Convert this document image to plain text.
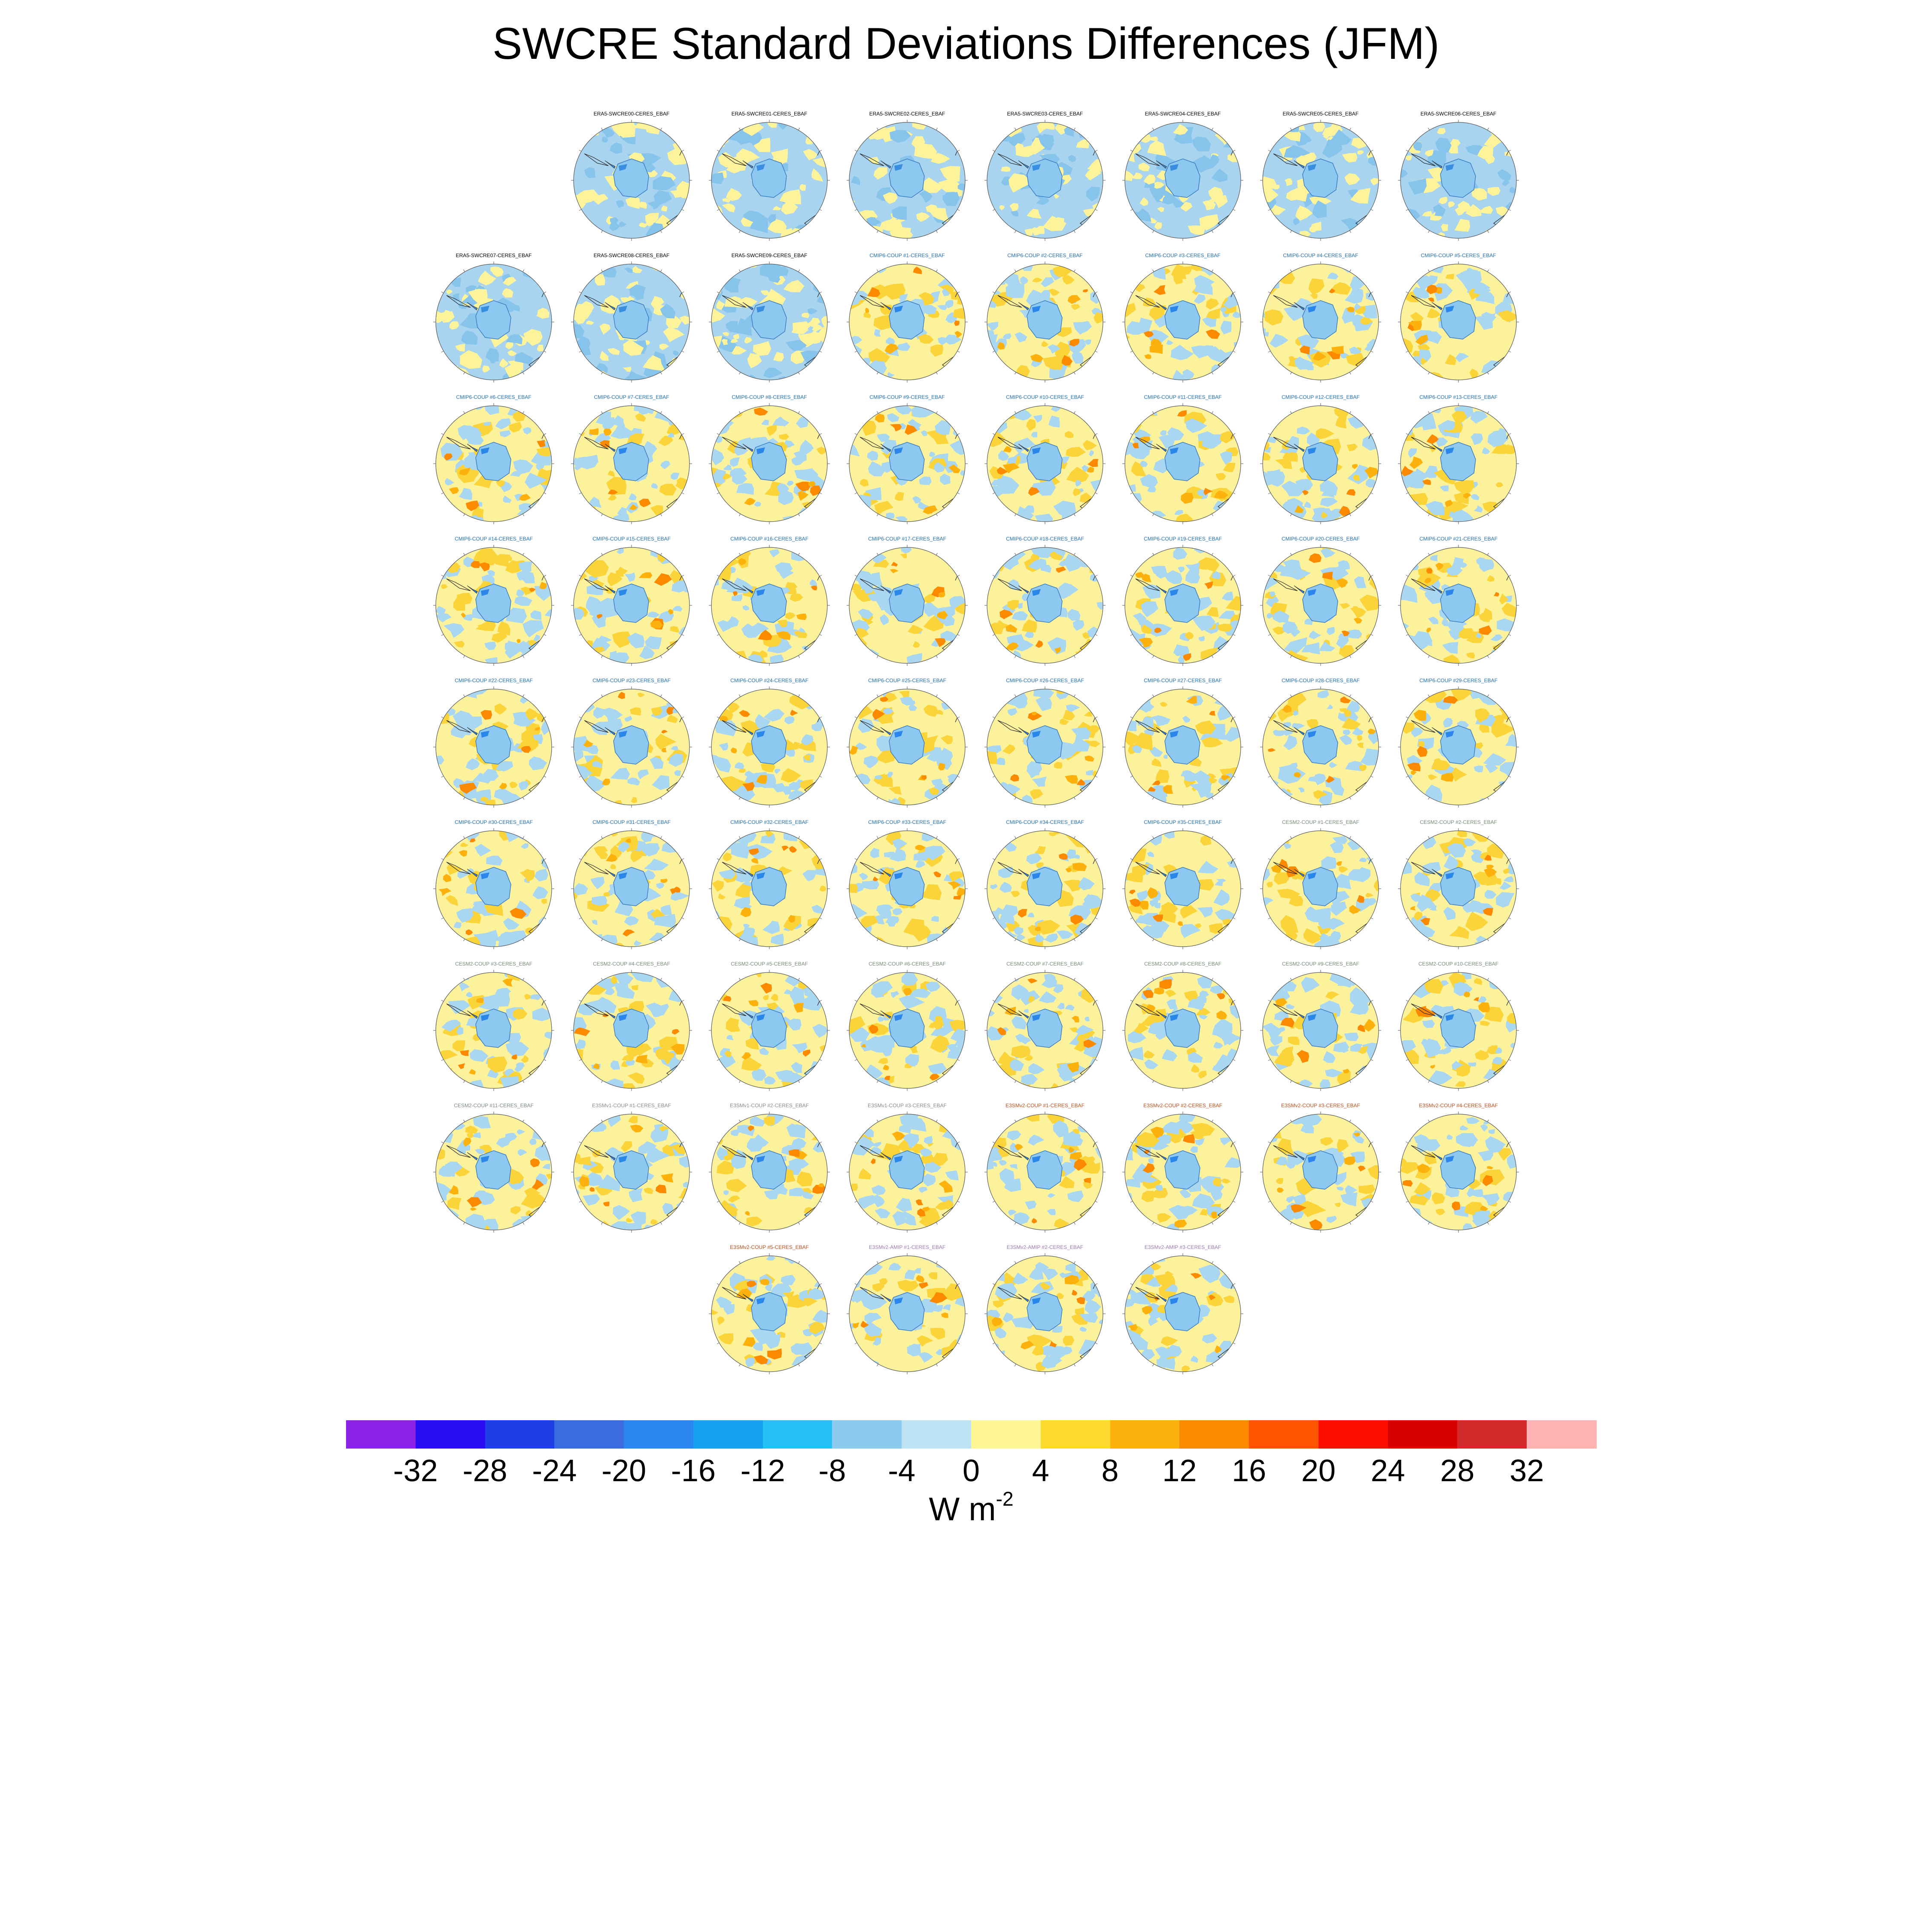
SWCRE Standard Deviations Differences (JFM)
ERA5-SWCRE00-CERES_EBAF	ERA5-SWCRE01-CERES_EBAF	ERA5-SWCRE02-CERES_EBAF	ERA5-SWCRE03-CERES_EBAF	ERA5-SWCRE04-CERES_EBAF	ERA5-SWCRE05-CERES_EBAF	ERA5-SWCRE06-CERES_EBAF
ERA5-SWCRE07-CERES_EBAF	ERA5-SWCRE08-CERES_EBAF	ERA5-SWCRE09-CERES_EBAF	CMIP6-COUP #1-CERES_EBAF	CMIP6-COUP #2-CERES_EBAF	CMIP6-COUP #3-CERES_EBAF	CMIP6-COUP #4-CERES_EBAF	CMIP6-COUP #5-CERES_EBAF
CMIP6-COUP #6-CERES_EBAF	CMIP6-COUP #7-CERES_EBAF	CMIP6-COUP #8-CERES_EBAF	CMIP6-COUP #9-CERES_EBAF	CMIP6-COUP #10-CERES_EBAF	CMIP6-COUP #11-CERES_EBAF	CMIP6-COUP #12-CERES_EBAF	CMIP6-COUP #13-CERES_EBAF
CMIP6-COUP #14-CERES_EBAF	CMIP6-COUP #15-CERES_EBAF	CMIP6-COUP #16-CERES_EBAF	CMIP6-COUP #17-CERES_EBAF	CMIP6-COUP #18-CERES_EBAF	CMIP6-COUP #19-CERES_EBAF	CMIP6-COUP #20-CERES_EBAF	CMIP6-COUP #21-CERES_EBAF
CMIP6-COUP #22-CERES_EBAF	CMIP6-COUP #23-CERES_EBAF	CMIP6-COUP #24-CERES_EBAF	CMIP6-COUP #25-CERES_EBAF	CMIP6-COUP #26-CERES_EBAF	CMIP6-COUP #27-CERES_EBAF	CMIP6-COUP #28-CERES_EBAF	CMIP6-COUP #29-CERES_EBAF
CMIP6-COUP #30-CERES_EBAF	CMIP6-COUP #31-CERES_EBAF	CMIP6-COUP #32-CERES_EBAF	CMIP6-COUP #33-CERES_EBAF	CMIP6-COUP #34-CERES_EBAF	CMIP6-COUP #35-CERES_EBAF	CESM2-COUP #1-CERES_EBAF	CESM2-COUP #2-CERES_EBAF
CESM2-COUP #3-CERES_EBAF	CESM2-COUP #4-CERES_EBAF	CESM2-COUP #5-CERES_EBAF	CESM2-COUP #6-CERES_EBAF	CESM2-COUP #7-CERES_EBAF	CESM2-COUP #8-CERES_EBAF	CESM2-COUP #9-CERES_EBAF	CESM2-COUP #10-CERES_EBAF
CESM2-COUP #11-CERES_EBAF	E3SMv1-COUP #1-CERES_EBAF	E3SMv1-COUP #2-CERES_EBAF	E3SMv1-COUP #3-CERES_EBAF	E3SMv2-COUP #1-CERES_EBAF	E3SMv2-COUP #2-CERES_EBAF	E3SMv2-COUP #3-CERES_EBAF	E3SMv2-COUP #4-CERES_EBAF
E3SMv2-COUP #5-CERES_EBAF	E3SMv2-AMIP #1-CERES_EBAF	E3SMv2-AMIP #2-CERES_EBAF	E3SMv2-AMIP #3-CERES_EBAF
-32 -28 -24 -20 -16 -12 -8 -4 0 4 8 12 16 20 24 28 32
W $m^{-2}$
